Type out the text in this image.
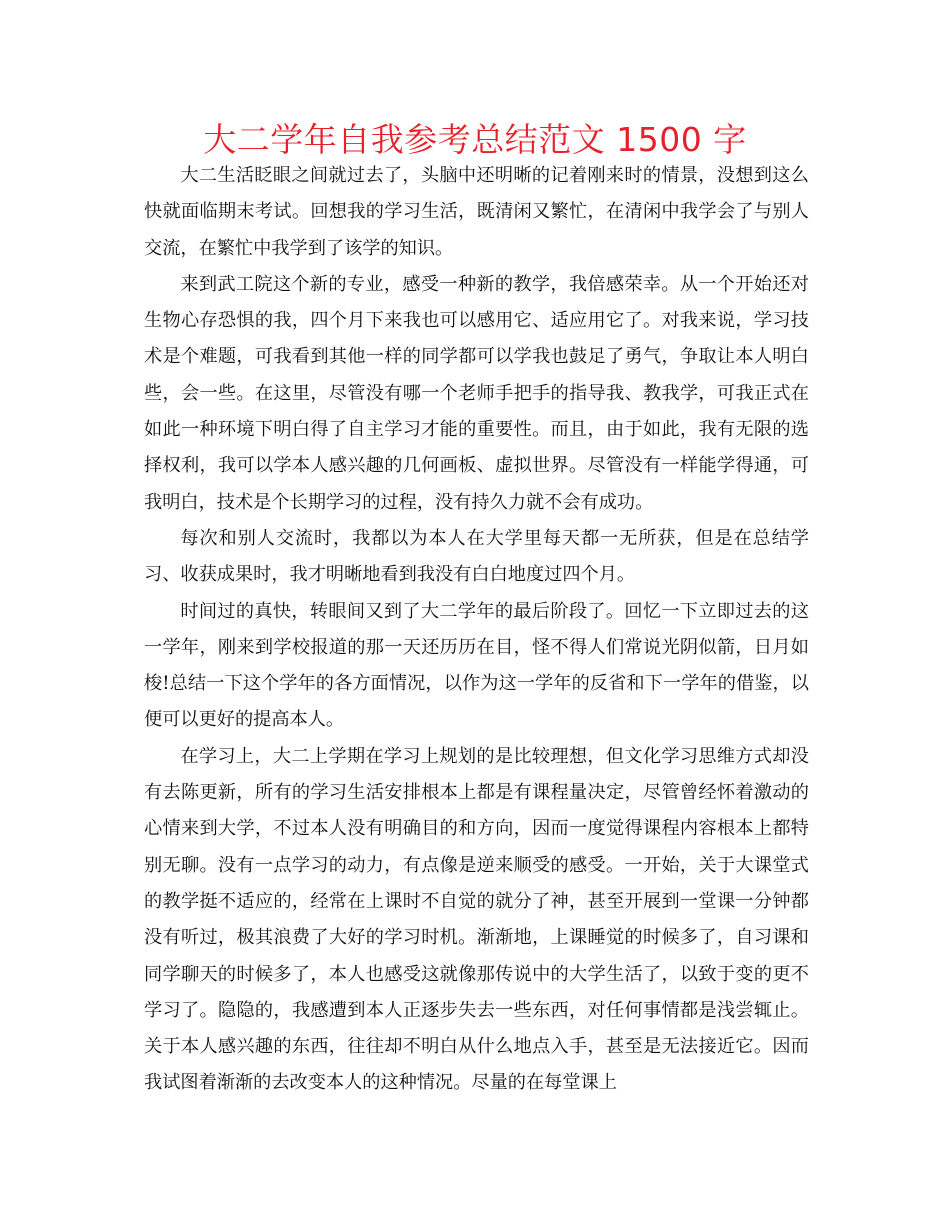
大二学年自我参考总结范文 1500 字

大二生活眨眼之间就过去了，头脑中还明晰的记着刚来时的情景，没想到这么快就面临期末考试。回想我的学习生活，既清闲又繁忙，在清闲中我学会了与别人交流，在繁忙中我学到了该学的知识。

来到武工院这个新的专业，感受一种新的教学，我倍感荣幸。从一个开始还对生物心存恐惧的我，四个月下来我也可以感用它、适应用它了。对我来说，学习技术是个难题，可我看到其他一样的同学都可以学我也鼓足了勇气，争取让本人明白些，会一些。在这里，尽管没有哪一个老师手把手的指导我、教我学，可我正式在如此一种环境下明白得了自主学习才能的重要性。而且，由于如此，我有无限的选择权利，我可以学本人感兴趣的几何画板、虚拟世界。尽管没有一样能学得通，可我明白，技术是个长期学习的过程，没有持久力就不会有成功。

每次和别人交流时，我都以为本人在大学里每天都一无所获，但是在总结学习、收获成果时，我才明晰地看到我没有白白地度过四个月。

时间过的真快，转眼间又到了大二学年的最后阶段了。回忆一下立即过去的这一学年，刚来到学校报道的那一天还历历在目，怪不得人们常说光阴似箭，日月如梭!总结一下这个学年的各方面情况，以作为这一学年的反省和下一学年的借鉴，以便可以更好的提高本人。

在学习上，大二上学期在学习上规划的是比较理想，但文化学习思维方式却没有去陈更新，所有的学习生活安排根本上都是有课程量决定，尽管曾经怀着激动的心情来到大学，不过本人没有明确目的和方向，因而一度觉得课程内容根本上都特别无聊。没有一点学习的动力，有点像是逆来顺受的感受。一开始，关于大课堂式的教学挺不适应的，经常在上课时不自觉的就分了神，甚至开展到一堂课一分钟都没有听过，极其浪费了大好的学习时机。渐渐地，上课睡觉的时候多了，自习课和同学聊天的时候多了，本人也感受这就像那传说中的大学生活了，以致于变的更不学习了。隐隐的，我感遭到本人正逐步失去一些东西，对任何事情都是浅尝辄止。关于本人感兴趣的东西，往往却不明白从什么地点入手，甚至是无法接近它。因而我试图着渐渐的去改变本人的这种情况。尽量的在每堂课上
